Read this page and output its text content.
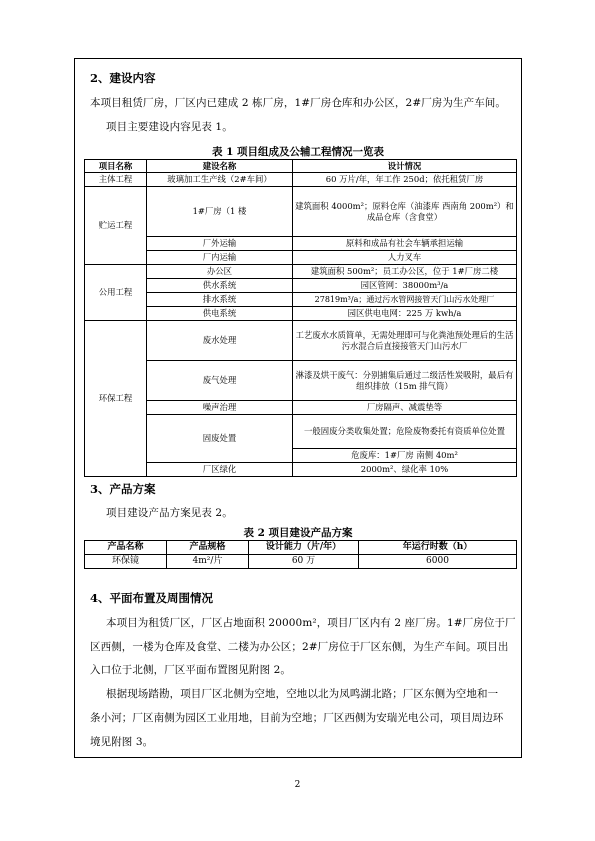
2、建设内容
本项目租赁厂房，厂区内已建成 2 栋厂房，1#厂房仓库和办公区，2#厂房为生产车间。
项目主要建设内容见表 1。
表 1 项目组成及公辅工程情况一览表
项目名称	建设名称	设计情况
主体工程	玻璃加工生产线（2#车间）	60 万片/年，年工作 250d；依托租赁厂房
贮运工程	1#厂房（1 楼	建筑面积 4000m²；原料仓库（油漆库 西南角 200m²）和成品仓库（含食堂）
	厂外运输	原料和成品有社会车辆承担运输
	厂内运输	人力叉车
公用工程	办公区	建筑面积 500m²；员工办公区，位于 1#厂房二楼
	供水系统	园区管网：38000m³/a
	排水系统	27819m³/a；通过污水管网接管天门山污水处理厂
	供电系统	园区供电电网：225 万 kwh/a
环保工程	废水处理	工艺废水水质简单，无需处理即可与化粪池预处理后的生活污水混合后直接接管天门山污水厂
	废气处理	淋漆及烘干废气：分别捕集后通过二级活性炭吸附，最后有组织排放（15m 排气筒）
	噪声治理	厂房隔声、减震垫等
	固废处置	一般固废分类收集处置；危险废物委托有资质单位处置
		危废库：1#厂房 南侧 40m²
	厂区绿化	2000m²、绿化率 10%
3、产品方案
项目建设产品方案见表 2。
表 2 项目建设产品方案
产品名称	产品规格	设计能力（片/年）	年运行时数（h）
环保镜	4m²/片	60 万	6000
4、平面布置及周围情况
本项目为租赁厂区，厂区占地面积 20000m²，项目厂区内有 2 座厂房。1#厂房位于厂
区西侧，一楼为仓库及食堂、二楼为办公区；2#厂房位于厂区东侧，为生产车间。项目出
入口位于北侧，厂区平面布置图见附图 2。
根据现场踏勘，项目厂区北侧为空地，空地以北为凤鸣湖北路；厂区东侧为空地和一
条小河；厂区南侧为园区工业用地，目前为空地；厂区西侧为安瑞光电公司，项目周边环
境见附图 3。
2
